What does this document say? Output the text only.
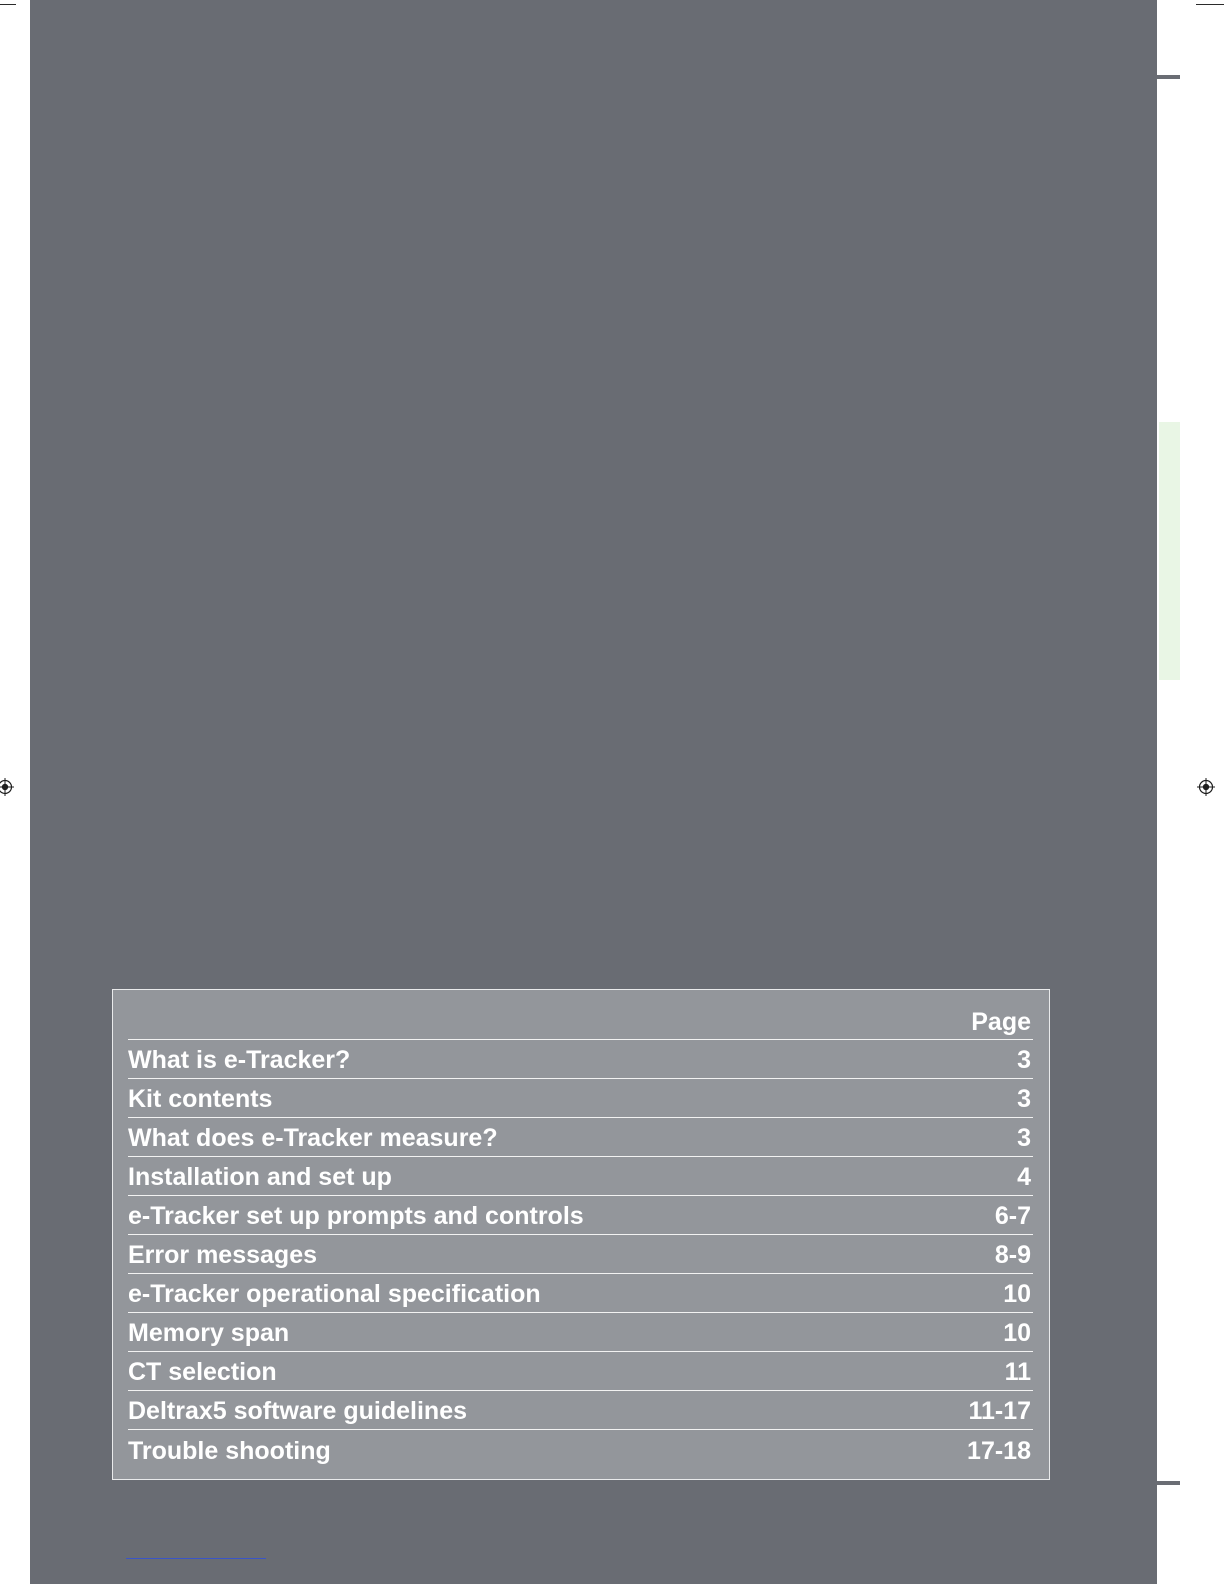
Page
What is e-Tracker?	3
Kit contents	3
What does e-Tracker measure?	3
Installation and set up	4
e-Tracker set up prompts and controls	6-7
Error messages	8-9
e-Tracker operational specification	10
Memory span	10
CT selection	11
Deltrax5 software guidelines	11-17
Trouble shooting	17-18
